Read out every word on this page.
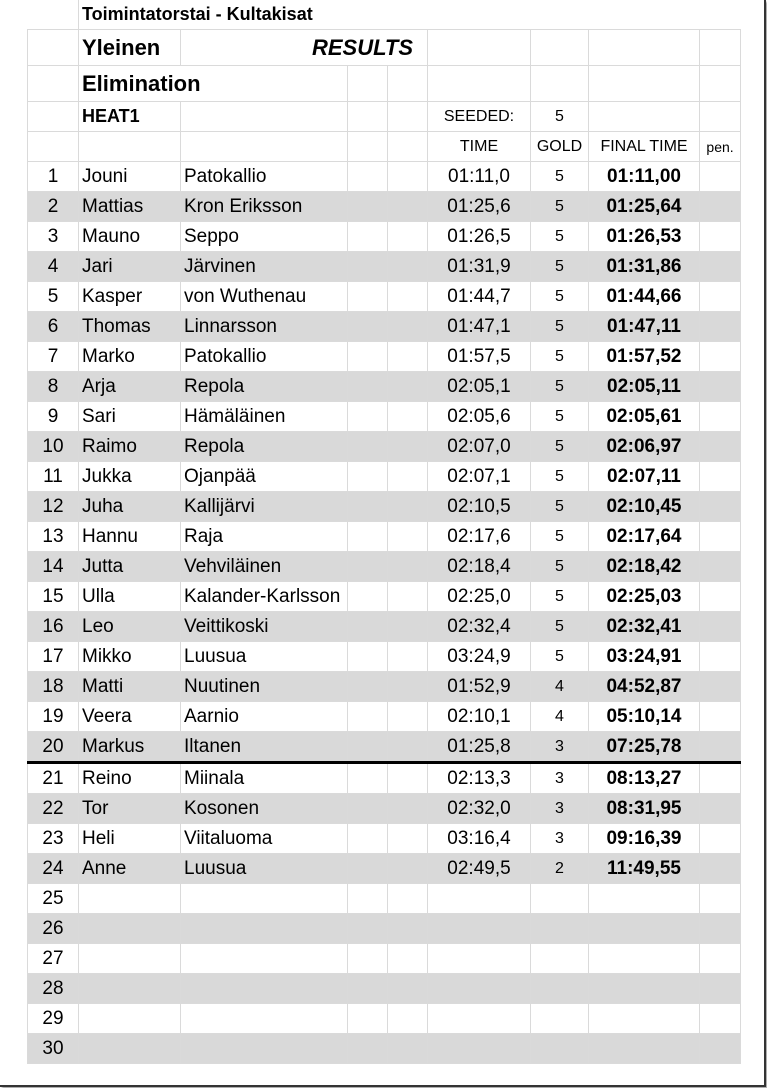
	Toimintatorstai - Kultakisat							
	Yleinen	RESULTS						
	Elimination							
	HEAT1				SEEDED:	5		
					TIME	GOLD	FINAL TIME	pen.
1	Jouni	Patokallio			01:11,0	5	01:11,00	
2	Mattias	Kron Eriksson			01:25,6	5	01:25,64	
3	Mauno	Seppo			01:26,5	5	01:26,53	
4	Jari	Järvinen			01:31,9	5	01:31,86	
5	Kasper	von Wuthenau			01:44,7	5	01:44,66	
6	Thomas	Linnarsson			01:47,1	5	01:47,11	
7	Marko	Patokallio			01:57,5	5	01:57,52	
8	Arja	Repola			02:05,1	5	02:05,11	
9	Sari	Hämäläinen			02:05,6	5	02:05,61	
10	Raimo	Repola			02:07,0	5	02:06,97	
11	Jukka	Ojanpää			02:07,1	5	02:07,11	
12	Juha	Kallijärvi			02:10,5	5	02:10,45	
13	Hannu	Raja			02:17,6	5	02:17,64	
14	Jutta	Vehviläinen			02:18,4	5	02:18,42	
15	Ulla	Kalander-Karlsson			02:25,0	5	02:25,03	
16	Leo	Veittikoski			02:32,4	5	02:32,41	
17	Mikko	Luusua			03:24,9	5	03:24,91	
18	Matti	Nuutinen			01:52,9	4	04:52,87	
19	Veera	Aarnio			02:10,1	4	05:10,14	
20	Markus	Iltanen			01:25,8	3	07:25,78	
21	Reino	Miinala			02:13,3	3	08:13,27	
22	Tor	Kosonen			02:32,0	3	08:31,95	
23	Heli	Viitaluoma			03:16,4	3	09:16,39	
24	Anne	Luusua			02:49,5	2	11:49,55	
25								
26								
27								
28								
29								
30								
